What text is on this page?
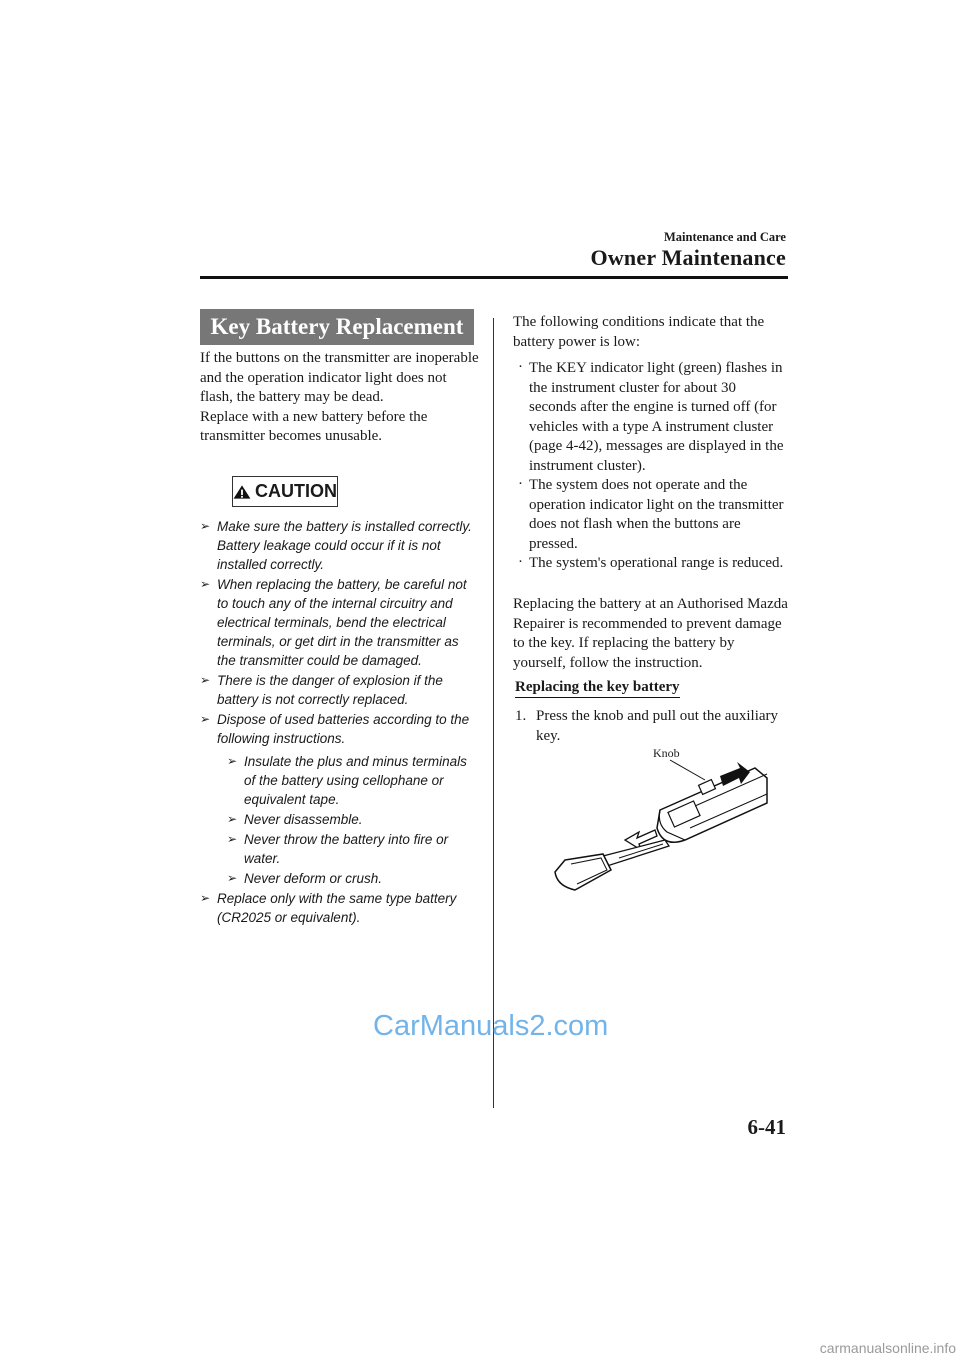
Maintenance and Care
Owner Maintenance
Key Battery Replacement
If the buttons on the transmitter are inoperable and the operation indicator light does not flash, the battery may be dead.
Replace with a new battery before the transmitter becomes unusable.
CAUTION
➢ Make sure the battery is installed correctly. Battery leakage could occur if it is not installed correctly.
➢ When replacing the battery, be careful not to touch any of the internal circuitry and electrical terminals, bend the electrical terminals, or get dirt in the transmitter as the transmitter could be damaged.
➢ There is the danger of explosion if the battery is not correctly replaced.
➢ Dispose of used batteries according to the following instructions.
➢ Insulate the plus and minus terminals of the battery using cellophane or equivalent tape.
➢ Never disassemble.
➢ Never throw the battery into fire or water.
➢ Never deform or crush.
➢ Replace only with the same type battery (CR2025 or equivalent).
The following conditions indicate that the battery power is low:
· The KEY indicator light (green) flashes in the instrument cluster for about 30 seconds after the engine is turned off (for vehicles with a type A instrument cluster (page 4-42), messages are displayed in the instrument cluster).
· The system does not operate and the operation indicator light on the transmitter does not flash when the buttons are pressed.
· The system's operational range is reduced.
Replacing the battery at an Authorised Mazda Repairer is recommended to prevent damage to the key. If replacing the battery by yourself, follow the instruction.
Replacing the key battery
1. Press the knob and pull out the auxiliary key.
Knob
6-41
CarManuals2.com
carmanualsonline.info
